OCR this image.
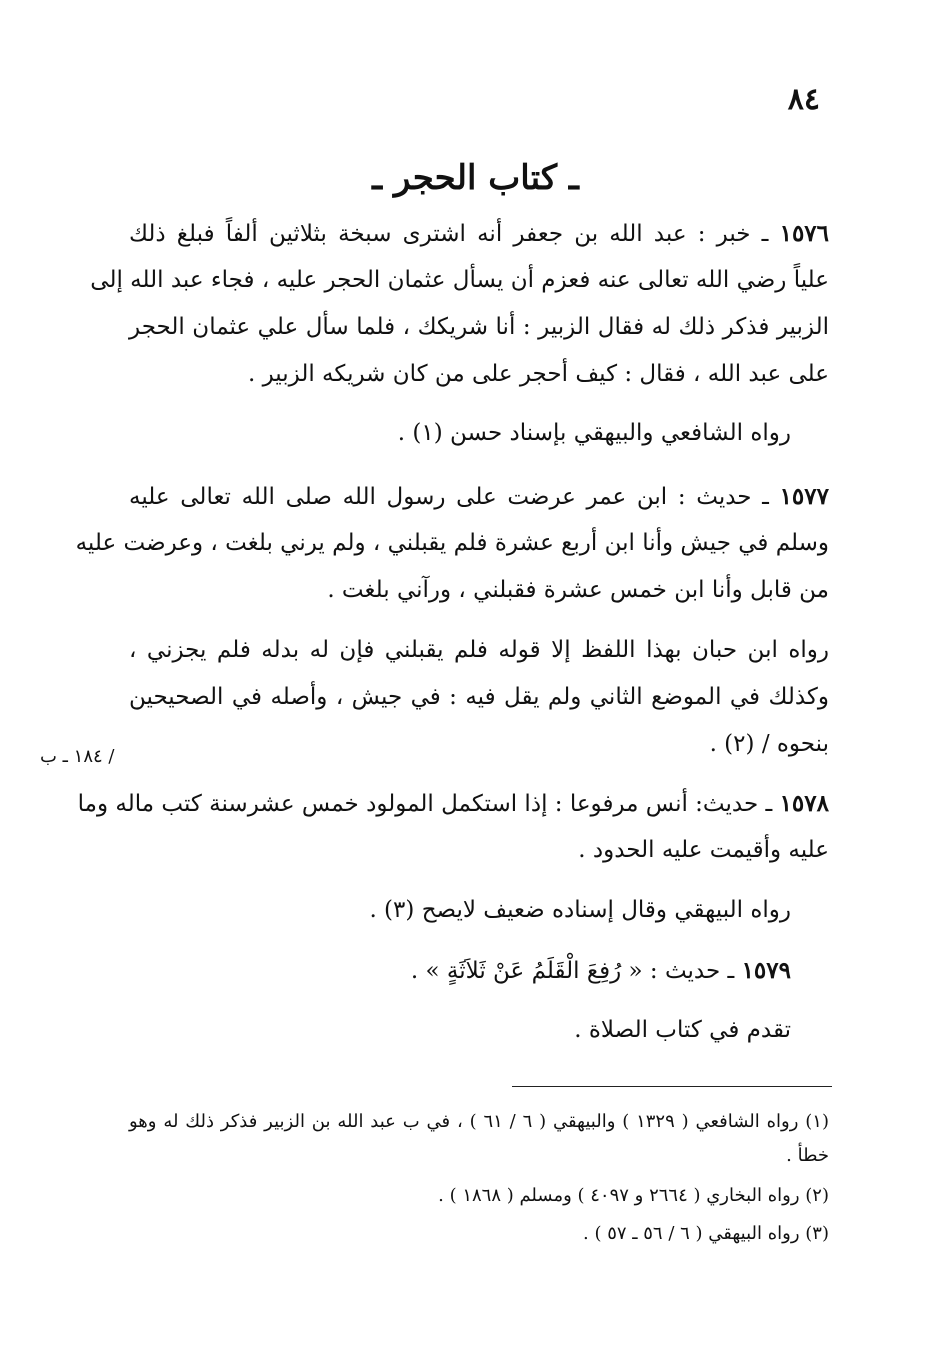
٨٤
ـ كتاب الحجر ـ
١٥٧٦ ـ خبر : عبد الله بن جعفر أنه اشترى سبخة بثلاثين ألفاً فبلغ ذلك
علياً رضي الله تعالى عنه فعزم أن يسأل عثمان الحجر عليه ، فجاء عبد الله إلى
الزبير فذكر ذلك له فقال الزبير : أنا شريكك ، فلما سأل علي عثمان الحجر
على عبد الله ، فقال : كيف أحجر على من كان شريكه الزبير .
رواه الشافعي والبيهقي بإسناد حسن (١) .
١٥٧٧ ـ حديث : ابن عمر عرضت على رسول الله صلى الله تعالى عليه
وسلم في جيش وأنا ابن أربع عشرة فلم يقبلني ، ولم يرني بلغت ، وعرضت عليه
من قابل وأنا ابن خمس عشرة فقبلني ، ورآني بلغت .
رواه ابن حبان بهذا اللفظ إلا قوله فلم يقبلني فإن له بدله فلم يجزني ،
وكذلك في الموضع الثاني ولم يقل فيه : في جيش ، وأصله في الصحيحين
بنحوه / (٢) .
/ ١٨٤ ـ ب
١٥٧٨ ـ حديث: أنس مرفوعا : إذا استكمل المولود خمس عشرسنة كتب ماله وما
عليه وأقيمت عليه الحدود .
رواه البيهقي وقال إسناده ضعيف لايصح (٣) .
١٥٧٩ ـ حديث : « رُفِعَ الْقَلَمُ عَنْ ثَلاَثَةٍ » .
تقدم في كتاب الصلاة .
(١) رواه الشافعي ( ١٣٢٩ ) والبيهقي ( ٦ / ٦١ ) ، في ب عبد الله بن الزبير فذكر ذلك له وهو
خطأ .
(٢) رواه البخاري ( ٢٦٦٤ و ٤٠٩٧ ) ومسلم ( ١٨٦٨ ) .
(٣) رواه البيهقي ( ٦ / ٥٦ ـ ٥٧ ) .
